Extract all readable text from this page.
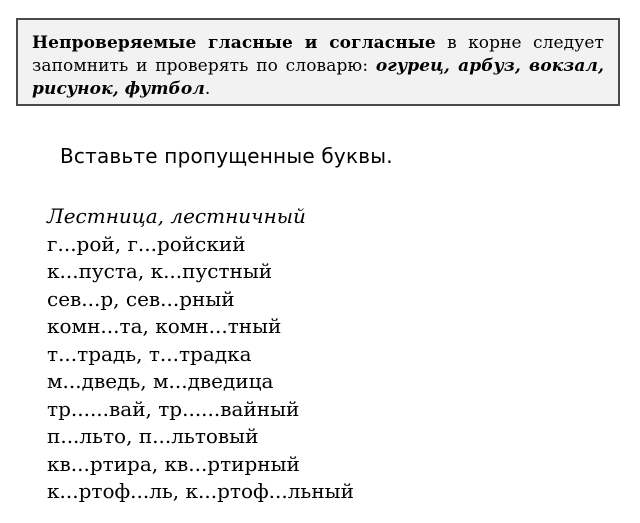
Непроверяемые гласные и согласные в корне следует запомнить и проверять по словарю: огурец, арбуз, вокзал, рисунок, футбол.

Вставьте пропущенные буквы.

Лестница, лестничный
г...рой, г...ройский
к...пуста, к...пустный
сев...р, сев...рный
комн...та, комн...тный
т...традь, т...традка
м...дведь, м...дведица
тр......вай, тр......вайный
п...льто, п...льтовый
кв...ртира, кв...ртирный
к...ртоф...ль, к...ртоф...льный
